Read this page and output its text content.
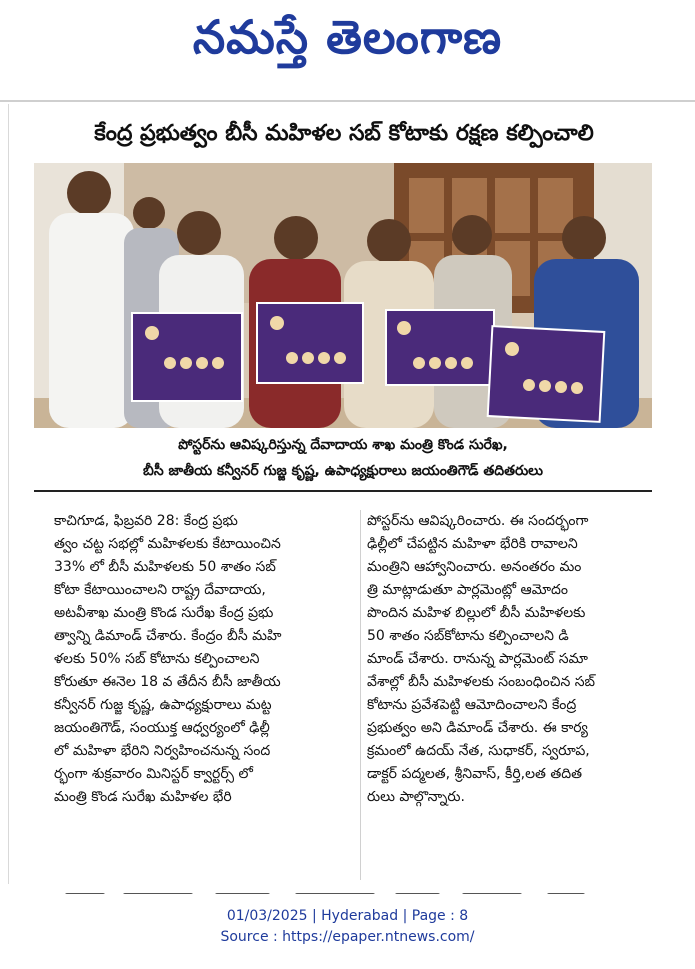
నమస్తే తెలంగాణ
కేంద్ర ప్రభుత్వం బీసీ మహిళల సబ్ కోటాకు రక్షణ కల్పించాలి
పోస్టర్‌ను ఆవిష్కరిస్తున్న దేవాదాయ శాఖ మంత్రి కొండ సురేఖ,
బీసీ జాతీయ కన్వీనర్ గుజ్జ కృష్ణ, ఉపాధ్యక్షురాలు జయంతిగౌడ్ తదితరులు
కాచిగూడ, ఫిబ్రవరి 28: కేంద్ర ప్రభు
త్వం చట్ట సభల్లో మహిళలకు కేటాయించిన
33% లో బీసీ మహిళలకు 50 శాతం సబ్
కోటా కేటాయించాలని రాష్ట్ర దేవాదాయ,
అటవీశాఖ మంత్రి కొండ సురేఖ కేంద్ర ప్రభు
త్వాన్ని డిమాండ్ చేశారు. కేంద్రం బీసీ మహి
ళలకు 50% సబ్ కోటాను కల్పించాలని
కోరుతూ ఈనెల 18 వ తేదీన బీసీ జాతీయ
కన్వీనర్ గుజ్జ కృష్ణ, ఉపాధ్యక్షురాలు మట్ట
జయంతిగౌడ్, సంయుక్త ఆధ్వర్యంలో ఢిల్లీ
లో మహిళా భేరిని నిర్వహించనున్న సంద
ర్భంగా శుక్రవారం మినిస్టర్ క్వార్టర్స్ లో
మంత్రి కొండ సురేఖ మహిళల భేరి
పోస్టర్‌ను ఆవిష్కరించారు. ఈ సందర్భంగా
ఢిల్లీలో చేపట్టిన మహిళా భేరికి రావాలని
మంత్రిని ఆహ్వానించారు. అనంతరం మం
త్రి మాట్లాడుతూ పార్లమెంట్లో ఆమోదం
పొందిన మహిళ బిల్లులో బీసీ మహిళలకు
50 శాతం సబ్‌కోటాను కల్పించాలని డి
మాండ్ చేశారు. రానున్న పార్లమెంట్ సమా
వేశాల్లో బీసీ మహిళలకు సంబంధించిన సబ్
కోటాను ప్రవేశపెట్టి ఆమోదించాలని కేంద్ర
ప్రభుత్వం అని డిమాండ్ చేశారు. ఈ కార్య
క్రమంలో ఉదయ్ నేత, సుధాకర్, స్వరూప,
డాక్టర్ పద్మలత, శ్రీనివాస్, కీర్తి,లత తదిత
రులు పాల్గొన్నారు.
01/03/2025 | Hyderabad | Page : 8
Source : https://epaper.ntnews.com/
